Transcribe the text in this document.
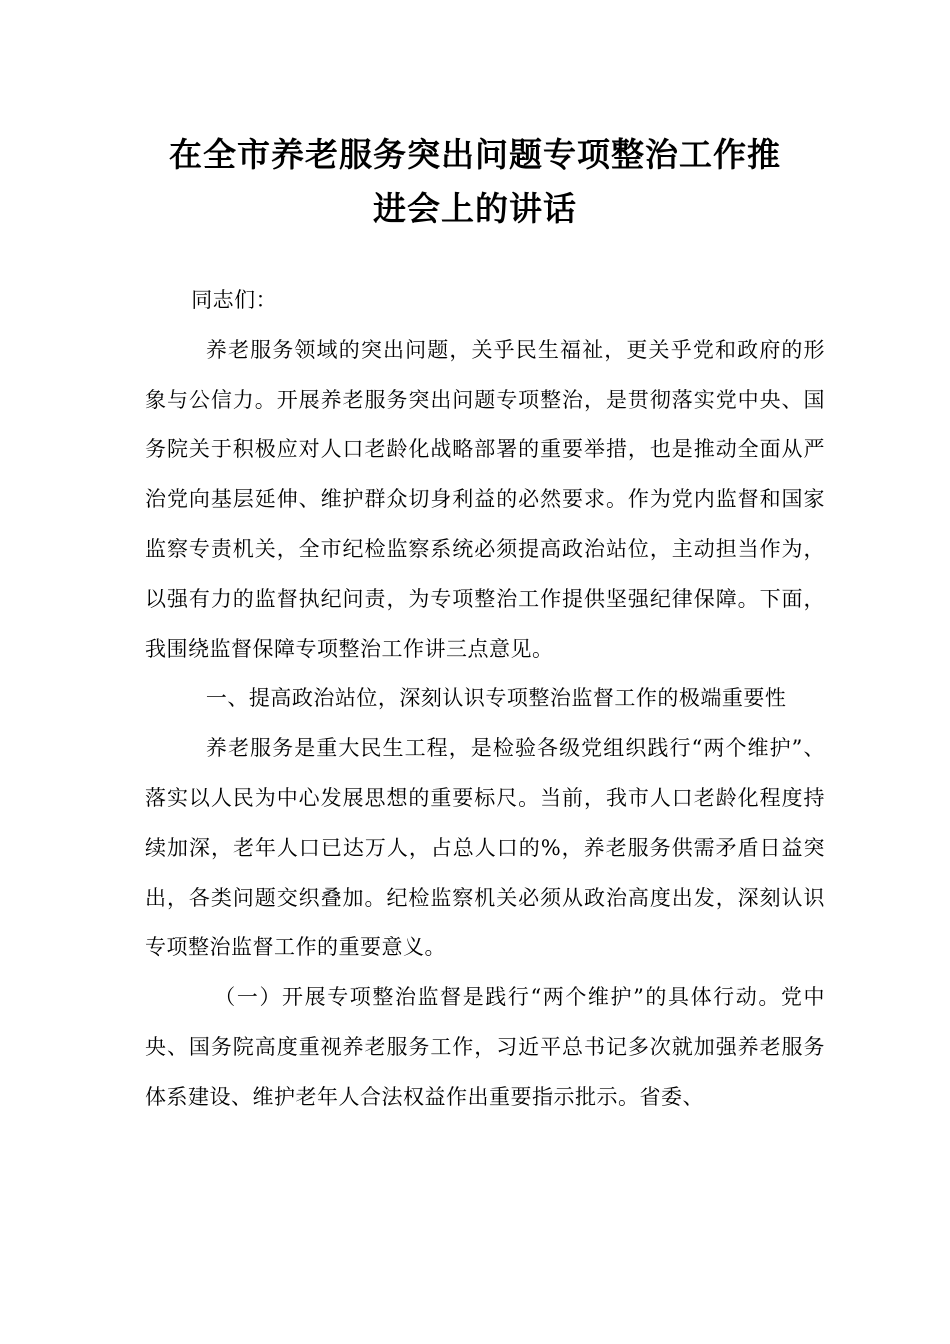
在全市养老服务突出问题专项整治工作推
进会上的讲话

同志们：

养老服务领域的突出问题，关乎民生福祉，更关乎党和政府的形象与公信力。开展养老服务突出问题专项整治，是贯彻落实党中央、国务院关于积极应对人口老龄化战略部署的重要举措，也是推动全面从严治党向基层延伸、维护群众切身利益的必然要求。作为党内监督和国家监察专责机关，全市纪检监察系统必须提高政治站位，主动担当作为，以强有力的监督执纪问责，为专项整治工作提供坚强纪律保障。下面，我围绕监督保障专项整治工作讲三点意见。

一、提高政治站位，深刻认识专项整治监督工作的极端重要性

养老服务是重大民生工程，是检验各级党组织践行“两个维护”、落实以人民为中心发展思想的重要标尺。当前，我市人口老龄化程度持续加深，老年人口已达万人，占总人口的%，养老服务供需矛盾日益突出，各类问题交织叠加。纪检监察机关必须从政治高度出发，深刻认识专项整治监督工作的重要意义。

（一）开展专项整治监督是践行“两个维护”的具体行动。党中央、国务院高度重视养老服务工作，习近平总书记多次就加强养老服务体系建设、维护老年人合法权益作出重要指示批示。省委、
